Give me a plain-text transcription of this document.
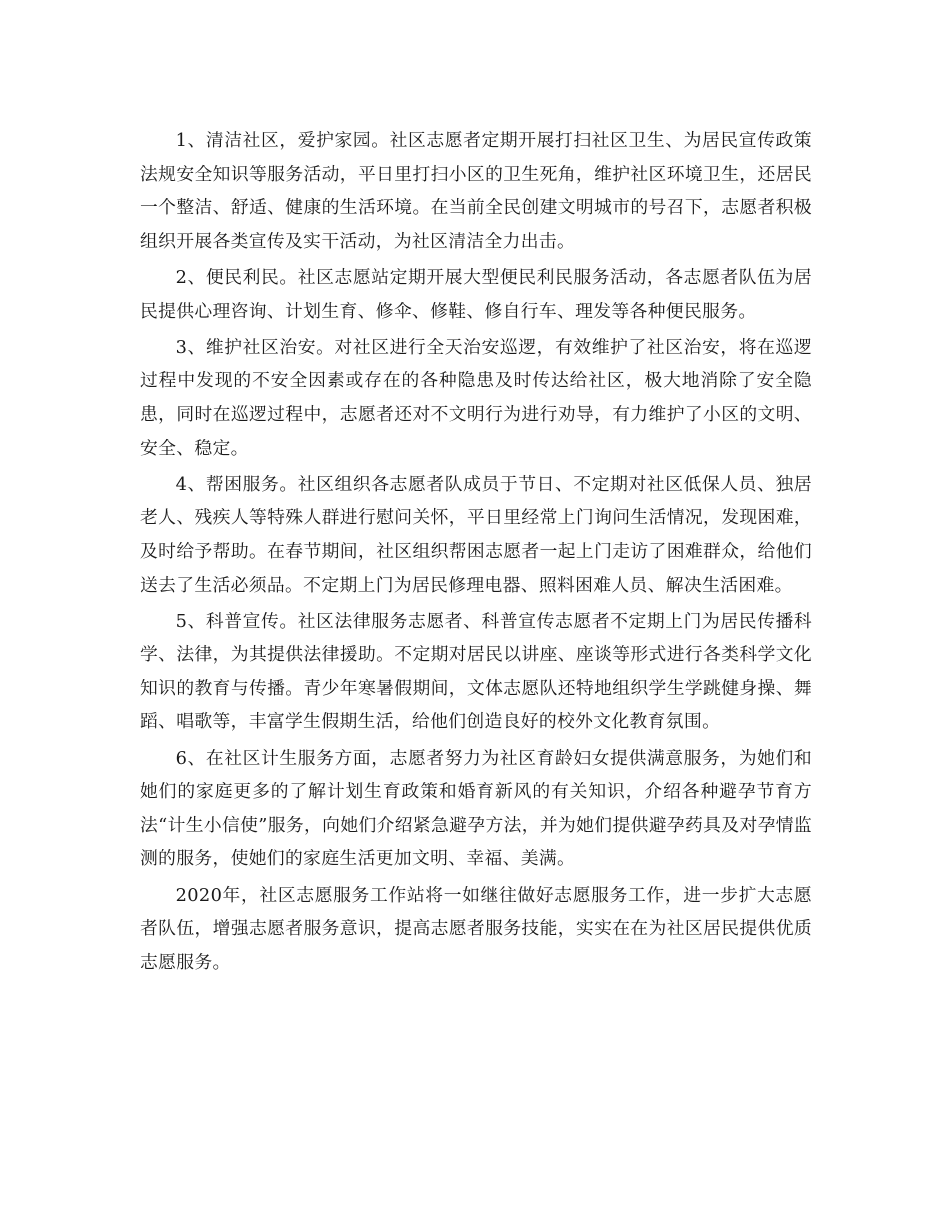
1、清洁社区，爱护家园。社区志愿者定期开展打扫社区卫生、为居民宣传政策法规安全知识等服务活动，平日里打扫小区的卫生死角，维护社区环境卫生，还居民一个整洁、舒适、健康的生活环境。在当前全民创建文明城市的号召下，志愿者积极组织开展各类宣传及实干活动，为社区清洁全力出击。

2、便民利民。社区志愿站定期开展大型便民利民服务活动，各志愿者队伍为居民提供心理咨询、计划生育、修伞、修鞋、修自行车、理发等各种便民服务。

3、维护社区治安。对社区进行全天治安巡逻，有效维护了社区治安，将在巡逻过程中发现的不安全因素或存在的各种隐患及时传达给社区，极大地消除了安全隐患，同时在巡逻过程中，志愿者还对不文明行为进行劝导，有力维护了小区的文明、安全、稳定。

4、帮困服务。社区组织各志愿者队成员于节日、不定期对社区低保人员、独居老人、残疾人等特殊人群进行慰问关怀，平日里经常上门询问生活情况，发现困难，及时给予帮助。在春节期间，社区组织帮困志愿者一起上门走访了困难群众，给他们送去了生活必须品。不定期上门为居民修理电器、照料困难人员、解决生活困难。

5、科普宣传。社区法律服务志愿者、科普宣传志愿者不定期上门为居民传播科学、法律，为其提供法律援助。不定期对居民以讲座、座谈等形式进行各类科学文化知识的教育与传播。青少年寒暑假期间，文体志愿队还特地组织学生学跳健身操、舞蹈、唱歌等，丰富学生假期生活，给他们创造良好的校外文化教育氛围。

6、在社区计生服务方面，志愿者努力为社区育龄妇女提供满意服务，为她们和她们的家庭更多的了解计划生育政策和婚育新风的有关知识，介绍各种避孕节育方法“计生小信使”服务，向她们介绍紧急避孕方法，并为她们提供避孕药具及对孕情监测的服务，使她们的家庭生活更加文明、幸福、美满。

2020年，社区志愿服务工作站将一如继往做好志愿服务工作，进一步扩大志愿者队伍，增强志愿者服务意识，提高志愿者服务技能，实实在在为社区居民提供优质志愿服务。
